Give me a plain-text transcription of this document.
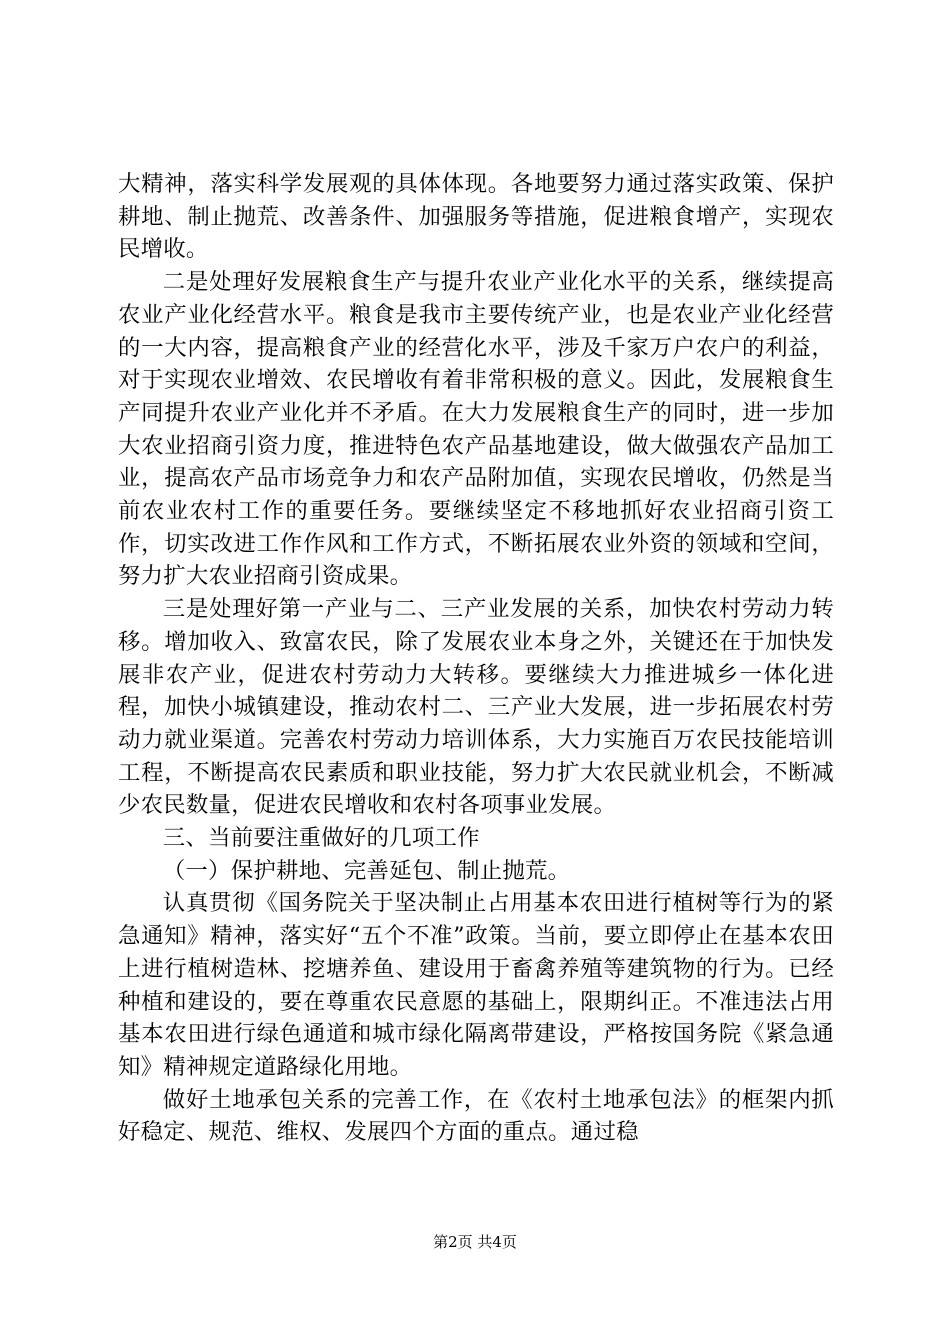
大精神，落实科学发展观的具体体现。各地要努力通过落实政策、保护耕地、制止抛荒、改善条件、加强服务等措施，促进粮食增产，实现农民增收。

二是处理好发展粮食生产与提升农业产业化水平的关系，继续提高农业产业化经营水平。粮食是我市主要传统产业，也是农业产业化经营的一大内容，提高粮食产业的经营化水平，涉及千家万户农户的利益，对于实现农业增效、农民增收有着非常积极的意义。因此，发展粮食生产同提升农业产业化并不矛盾。在大力发展粮食生产的同时，进一步加大农业招商引资力度，推进特色农产品基地建设，做大做强农产品加工业，提高农产品市场竞争力和农产品附加值，实现农民增收，仍然是当前农业农村工作的重要任务。要继续坚定不移地抓好农业招商引资工作，切实改进工作作风和工作方式，不断拓展农业外资的领域和空间，努力扩大农业招商引资成果。

三是处理好第一产业与二、三产业发展的关系，加快农村劳动力转移。增加收入、致富农民，除了发展农业本身之外，关键还在于加快发展非农产业，促进农村劳动力大转移。要继续大力推进城乡一体化进程，加快小城镇建设，推动农村二、三产业大发展，进一步拓展农村劳动力就业渠道。完善农村劳动力培训体系，大力实施百万农民技能培训工程，不断提高农民素质和职业技能，努力扩大农民就业机会，不断减少农民数量，促进农民增收和农村各项事业发展。

三、当前要注重做好的几项工作

（一）保护耕地、完善延包、制止抛荒。

认真贯彻《国务院关于坚决制止占用基本农田进行植树等行为的紧急通知》精神，落实好“五个不准”政策。当前，要立即停止在基本农田上进行植树造林、挖塘养鱼、建设用于畜禽养殖等建筑物的行为。已经种植和建设的，要在尊重农民意愿的基础上，限期纠正。不准违法占用基本农田进行绿色通道和城市绿化隔离带建设，严格按国务院《紧急通知》精神规定道路绿化用地。

做好土地承包关系的完善工作，在《农村土地承包法》的框架内抓好稳定、规范、维权、发展四个方面的重点。通过稳

第2页 共4页
